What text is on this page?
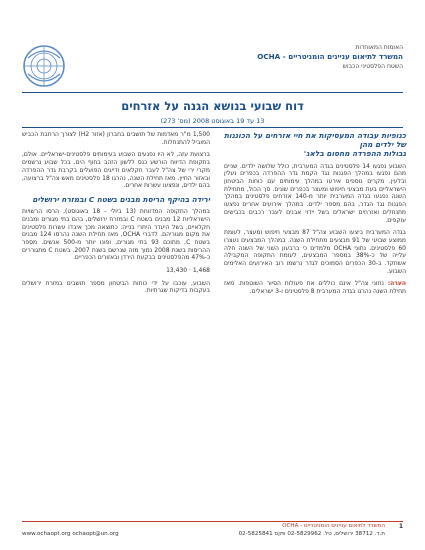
האומות המאוחדות
המשרד לתיאום עניינים הומניטריים - OCHA
השטח הפלסטיני הכבוש
דוח שבועי בנושא הגנה על אזרחים
13 עד 19 באוגוסט 2008 (מס' 273)
כנופיות עבודה המעסיקות את חיי אזרחים על הכוננות של ילדים מהן
גבולות ההפרדה מחסום בלאג'

השבוע נפגעו 14 פלסטינים בגדה המערבית, כולל שלושה ילדים. שניים מהם נפגעו במהלך הפגנות נגד הקמת גדר ההפרדה בכפרים נעלין ובלעין. מקרים נוספים אירעו במהלך עימותים עם כוחות הביטחון הישראליים בעת מבצעי חיפוש ומעצר בכפרים שונים. סך הכול, מתחילת השנה נפגעו בגדה המערבית יותר מ-140 אזרחים פלסטינים במהלך הפגנות נגד הגדר, בהם מספר ילדים. במהלך אירועים אחרים נפצעו מתנחלים ואזרחים ישראלים בשל יידוי אבנים לעבר רכבים בכבישים עוקפים.

בגדה המערבית ביצעו השבוע צה"ל 87 מבצעי חיפוש ומעצר, לעומת ממוצע שבועי של 91 מבצעים מתחילת השנה. במהלך המבצעים נעצרו 60 פלסטינים. נתוני OCHA מלמדים כי ברבעון השני של השנה חלה עלייה של כ-38% במספר המבצעים, לעומת התקופה המקבילה אשתקד. ב-30 הכפרים הסמוכים לגדר נרשמו רוב האירועים האלימים השבוע.

הערה: נתוני צה"ל אינם כוללים את פעולות הסיור השוטפות. מאז תחילת השנה נהרגו בגדה המערבית 8 פלסטינים ו-3 ישראלים.

1,500 מ"ר מאדמות של תושבים בחברון (אזור H2) לצורך הרחבת הכביש המוביל להתנחלות.

ברצועת עזה, לא היו נפגעים השבוע בעימותים פלסטינים-ישראליים. אולם, בתקופת הדיווח הורשע כנס ללשון הזהב בחוף הים. בכל שבוע נרשמים מקרי ירי של צה"ל לעבר חקלאים ודייגים הפועלים בקרבת גדר ההפרדה ובאזור החיץ. מאז תחילת השנה, נהרגו 18 פלסטינים מאש צה"ל ברצועה, בהם ילדים, ונפצעו עשרות אחרים.

ירידה בהיקף הריסת מבנים בשטח C ובמזרח ירושלים

במהלך התקופה המדווחת (13 ביולי - 18 באוגוסט), הרסו הרשויות הישראליות 12 מבנים בשטח C ובמזרח ירושלים, בהם בתי מגורים ומבנים חקלאיים, בשל היעדר היתרי בנייה. כתוצאה מכך איבדו עשרות פלסטינים את מקום מגוריהם. לדברי OCHA, מאז תחילת השנה נהרסו 124 מבנים בשטח C, מתוכם 93 בתי מגורים, ופונו יותר מ-500 אנשים. מספר ההריסות בשנת 2008 נמוך מזה שנרשם בשנת 2007. בשטח C מתגוררים כ-47% מהפלסטינים בבקעת הירדן ובאזורים הכפריים.

1,468 · 13,430

השבוע, עוכבו על ידי כוחות הביטחון מספר תושבים במזרח ירושלים בעקבות בדיקות שגרתיות.

המשרד לתיאום עניינים הומניטריים - OCHA
ת.ד. 38712 ירושלים, טל. 02-5829962 פקס 02-5825841
1
www.ochaopt.org ochaopt@un.org
